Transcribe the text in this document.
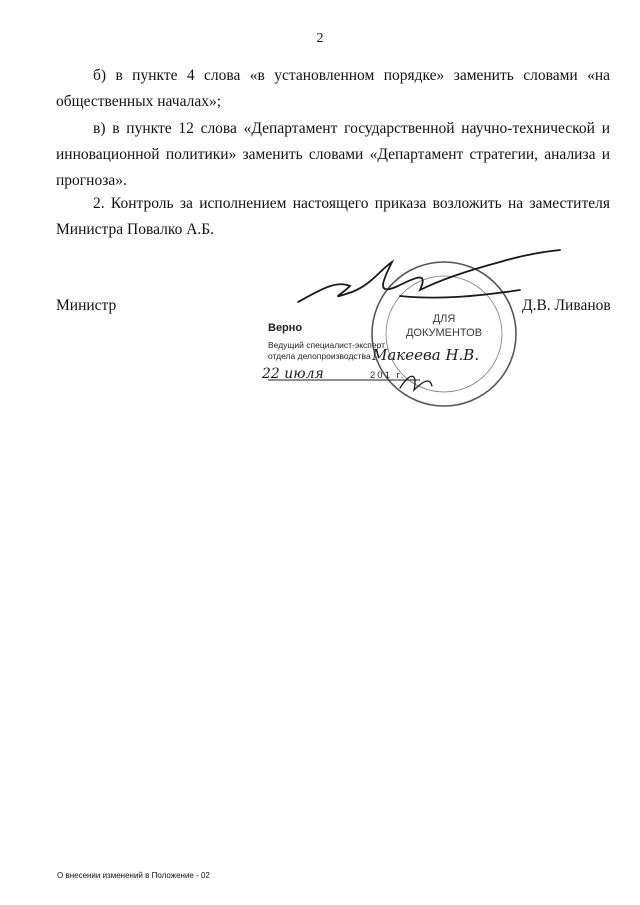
2
б) в пункте 4 слова «в установленном порядке» заменить словами «на общественных началах»;
в) в пункте 12 слова «Департамент государственной научно-технической и инновационной политики» заменить словами «Департамент стратегии, анализа и прогноза».
2. Контроль за исполнением настоящего приказа возложить на заместителя Министра Повалко А.Б.
Министр	Д.В. Ливанов
Верно
Ведущий специалист-эксперт
отдела делопроизводства
ДЛЯ
ДОКУМЕНТОВ
Макеева Н.В.
22 июля	201 г.
О внесении изменений в Положение - 02
